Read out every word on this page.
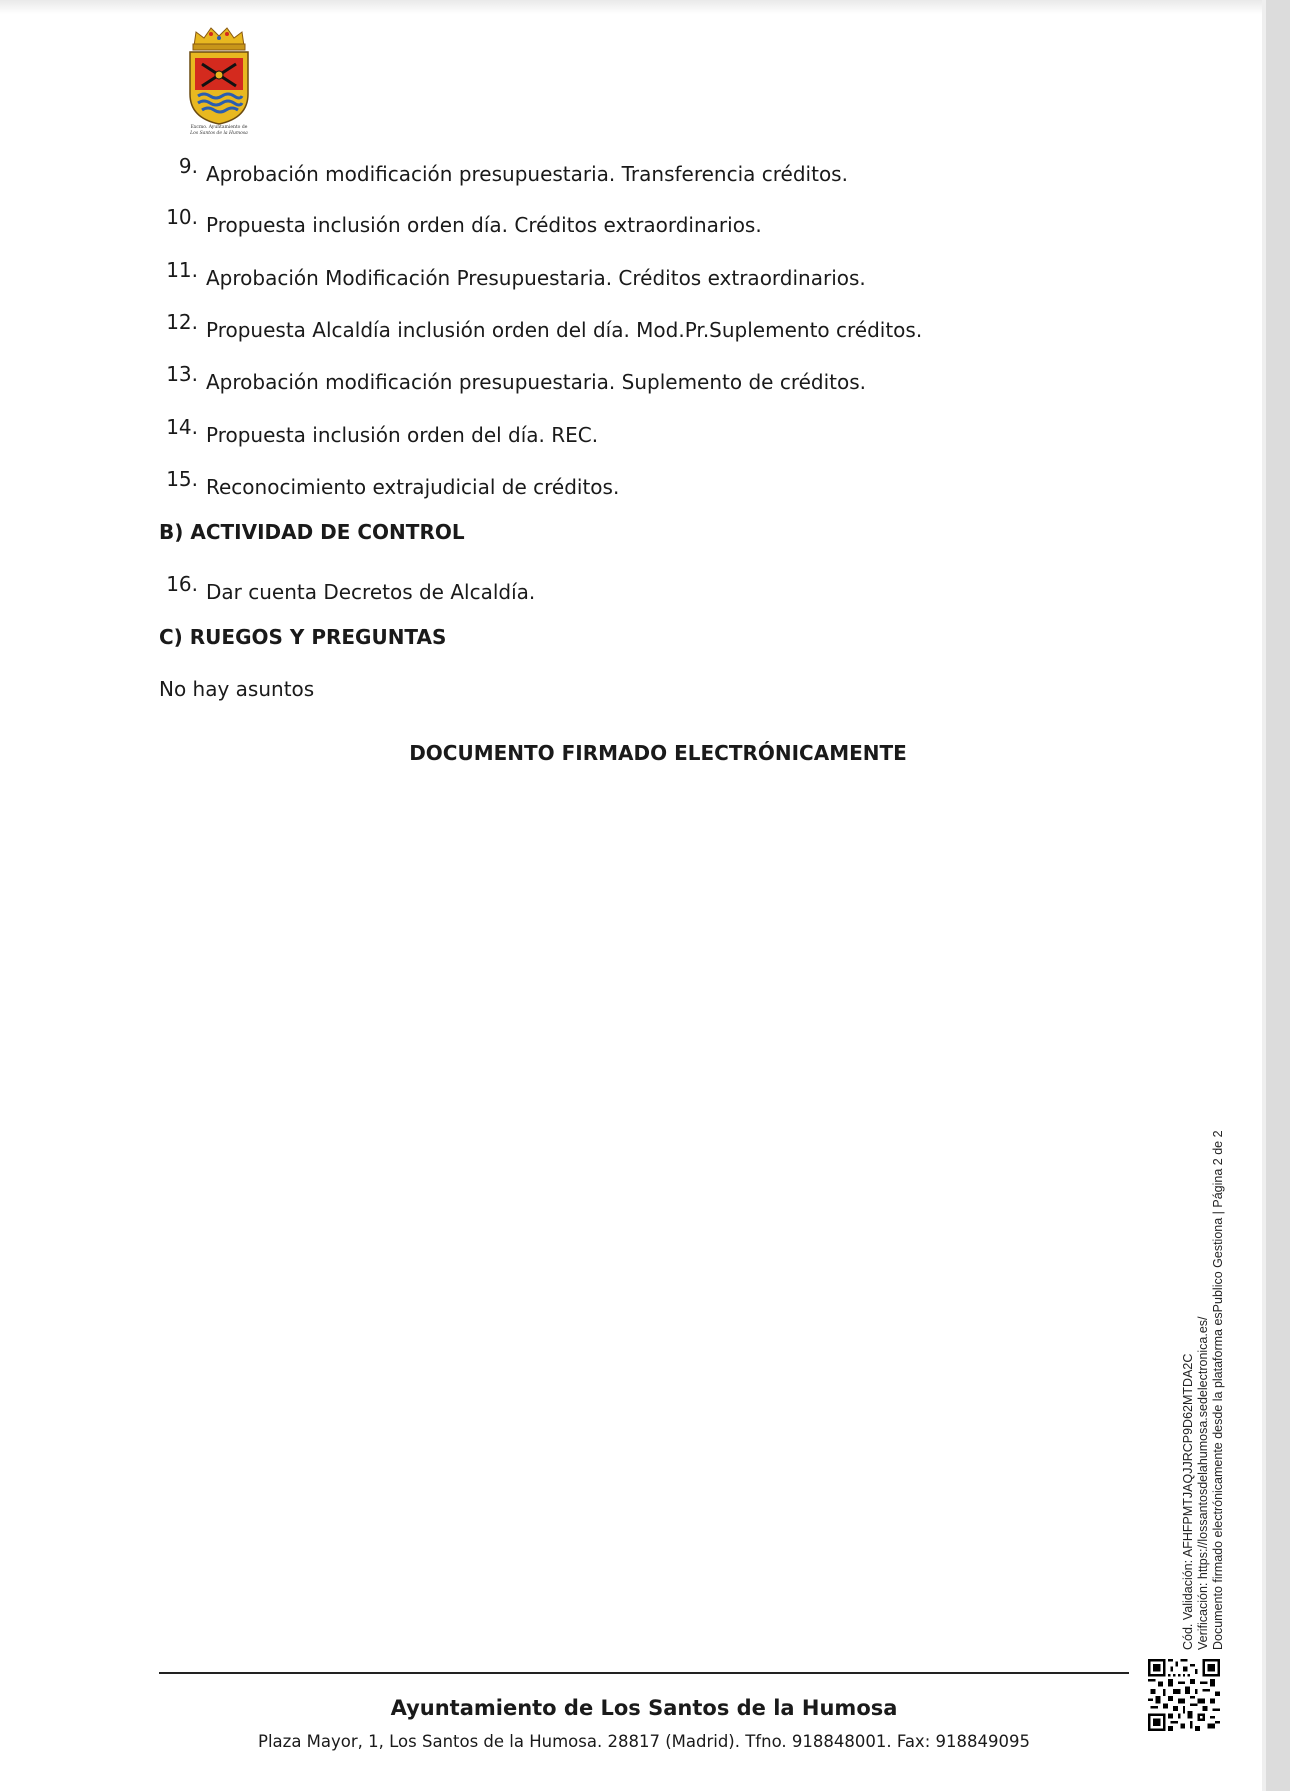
Excmo. Ayuntamiento de
Los Santos de la Humosa
9. Aprobación modificación presupuestaria. Transferencia créditos.
10. Propuesta inclusión orden día. Créditos extraordinarios.
11. Aprobación Modificación Presupuestaria. Créditos extraordinarios.
12. Propuesta Alcaldía inclusión orden del día. Mod.Pr.Suplemento créditos.
13. Aprobación modificación presupuestaria. Suplemento de créditos.
14. Propuesta inclusión orden del día. REC.
15. Reconocimiento extrajudicial de créditos.
B) ACTIVIDAD DE CONTROL
16. Dar cuenta Decretos de Alcaldía.
C) RUEGOS Y PREGUNTAS
No hay asuntos
DOCUMENTO FIRMADO ELECTRÓNICAMENTE
Cód. Validación: AFHFPMTJAQJJRCP9D62MTDA2C Verificación: https://lossantosdelahumosa.sedelectronica.es/ Documento firmado electrónicamente desde la plataforma esPublico Gestiona | Página 2 de 2
Ayuntamiento de Los Santos de la Humosa
Plaza Mayor, 1, Los Santos de la Humosa. 28817 (Madrid). Tfno. 918848001. Fax: 918849095
